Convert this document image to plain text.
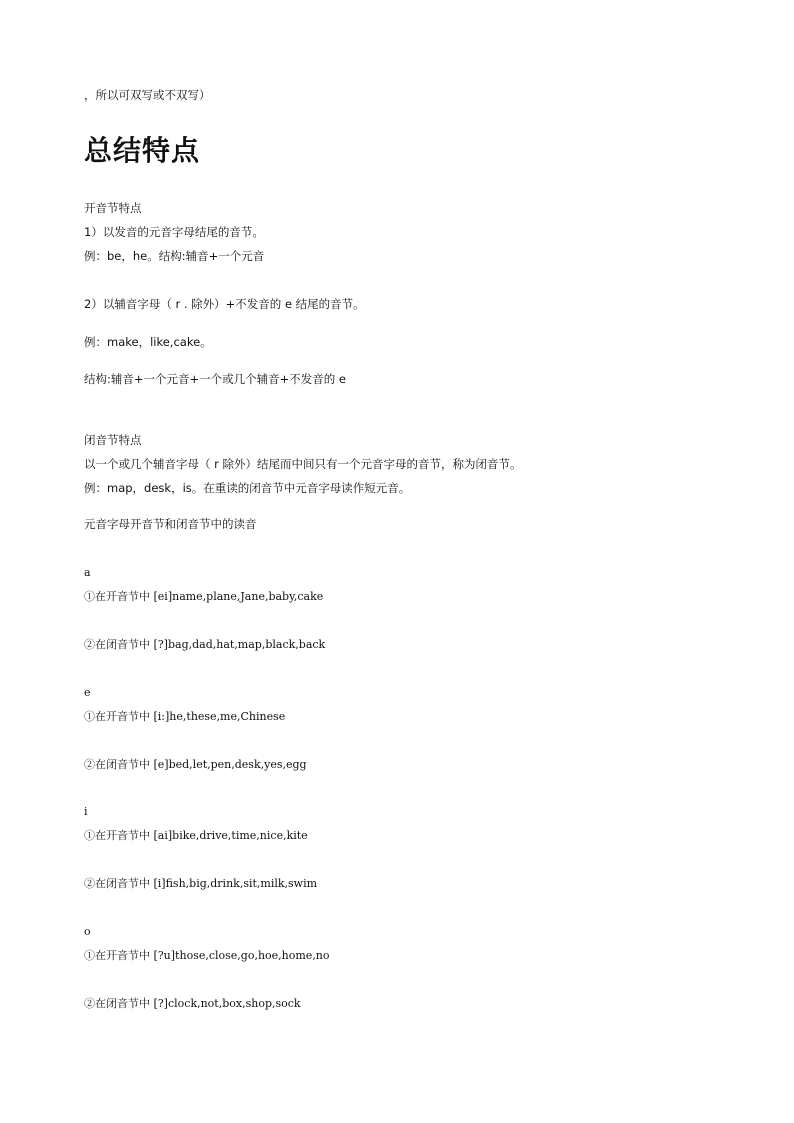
，所以可双写或不双写）
总结特点
开音节特点
1）以发音的元音字母结尾的音节。
例：be，he。结构:辅音+一个元音
2）以辅音字母（ r . 除外）+不发音的 e 结尾的音节。
例：make，like,cake。
结构:辅音+一个元音+一个或几个辅音+不发音的 e
闭音节特点
以一个或几个辅音字母（ r 除外）结尾而中间只有一个元音字母的音节，称为闭音节。
例：map，desk，is。在重读的闭音节中元音字母读作短元音。
元音字母开音节和闭音节中的读音
a
①在开音节中 [ei]name,plane,Jane,baby,cake
②在闭音节中 [?]bag,dad,hat,map,black,back
e
①在开音节中 [i:]he,these,me,Chinese
②在闭音节中 [e]bed,let,pen,desk,yes,egg
i
①在开音节中 [ai]bike,drive,time,nice,kite
②在闭音节中 [i]fish,big,drink,sit,milk,swim
o
①在开音节中 [?u]those,close,go,hoe,home,no
②在闭音节中 [?]clock,not,box,shop,sock
